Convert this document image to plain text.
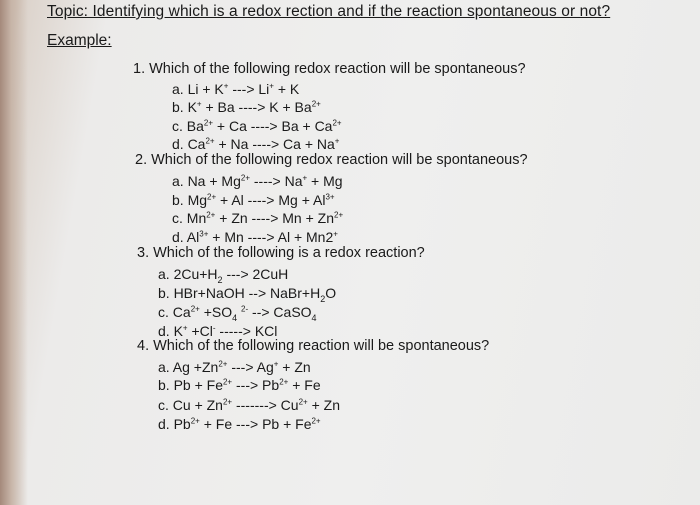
Topic: Identifying which is a redox rection and if the reaction spontaneous or not?
Example:
1. Which of the following redox reaction will be spontaneous?
a. Li + K+ ---> Li+ + K
b. K+ + Ba ----> $K + Ba^{2+}$
c. $Ba^{2+} + Ca$ ----> $Ba + Ca^{2+}$
d. $Ca^{2+} + Na$ ----> Ca + Na+
2. Which of the following redox reaction will be spontaneous?
a. $Na + Mg^{2+}$ ----> Na+ + Mg
b. $Mg^{2+} + Al$ ----> $Mg + Al^{3+}$
c. $Mn^{2+} + Zn$ ----> $Mn + Zn^{2+}$
d. $Al^{3+} + Mn$ ----> Al + Mn2+
3. Which of the following is a redox reaction?
a. $2Cu+H_2$ ---> 2CuH
b. HBr+NaOH --> $NaBr+H_2O$
c. $Ca^{2+} +SO_4$ $^{2-}$ --> CaSO$_4$
d. K+ +Cl- -----> KCl
4. Which of the following reaction will be spontaneous?
a. $Ag +Zn^{2+}$ ---> Ag+ + Zn
b. $Pb + Fe^{2+}$ ---> $Pb^{2+} + Fe$
c. $Cu + Zn^{2+}$ -------> $Cu^{2+} + Zn$
d. $Pb^{2+} + Fe$ ---> $Pb + Fe^{2+}$
